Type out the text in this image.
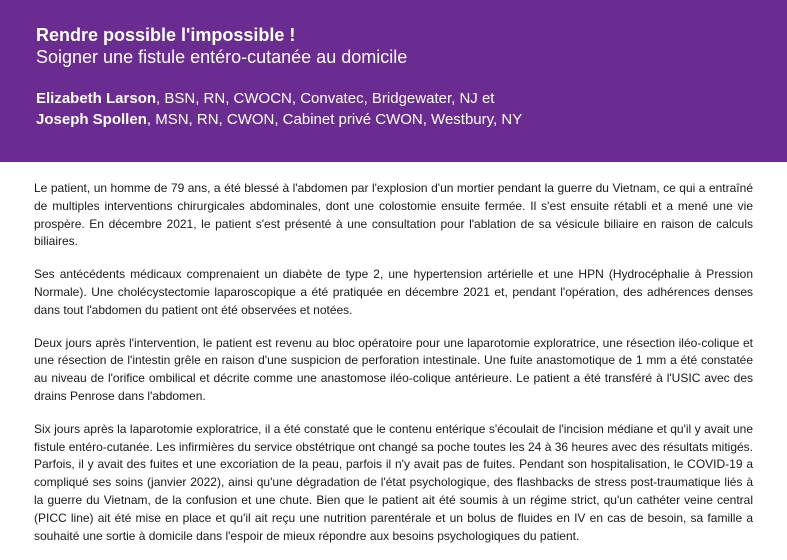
Rendre possible l'impossible !
Soigner une fistule entéro-cutanée au domicile
Elizabeth Larson, BSN, RN, CWOCN, Convatec, Bridgewater, NJ et
Joseph Spollen, MSN, RN, CWON, Cabinet privé CWON, Westbury, NY

Le patient, un homme de 79 ans, a été blessé à l'abdomen par l'explosion d'un mortier pendant la guerre du Vietnam, ce qui a entraîné de multiples interventions chirurgicales abdominales, dont une colostomie ensuite fermée. Il s'est ensuite rétabli et a mené une vie prospère. En décembre 2021, le patient s'est présenté à une consultation pour l'ablation de sa vésicule biliaire en raison de calculs biliaires.

Ses antécédents médicaux comprenaient un diabète de type 2, une hypertension artérielle et une HPN (Hydrocéphalie à Pression Normale). Une cholécystectomie laparoscopique a été pratiquée en décembre 2021 et, pendant l'opération, des adhérences denses dans tout l'abdomen du patient ont été observées et notées.

Deux jours après l'intervention, le patient est revenu au bloc opératoire pour une laparotomie exploratrice, une résection iléo-colique et une résection de l'intestin grêle en raison d'une suspicion de perforation intestinale. Une fuite anastomotique de 1 mm a été constatée au niveau de l'orifice ombilical et décrite comme une anastomose iléo-colique antérieure. Le patient a été transféré à l'USIC avec des drains Penrose dans l'abdomen.

Six jours après la laparotomie exploratrice, il a été constaté que le contenu entérique s'écoulait de l'incision médiane et qu'il y avait une fistule entéro-cutanée. Les infirmières du service obstétrique ont changé sa poche toutes les 24 à 36 heures avec des résultats mitigés. Parfois, il y avait des fuites et une excoriation de la peau, parfois il n'y avait pas de fuites. Pendant son hospitalisation, le COVID-19 a compliqué ses soins (janvier 2022), ainsi qu'une dégradation de l'état psychologique, des flashbacks de stress post-traumatique liés à la guerre du Vietnam, de la confusion et une chute. Bien que le patient ait été soumis à un régime strict, qu'un cathéter veine central (PICC line) ait été mise en place et qu'il ait reçu une nutrition parentérale et un bolus de fluides en IV en cas de besoin, sa famille a souhaité une sortie à domicile dans l'espoir de mieux répondre aux besoins psychologiques du patient.
